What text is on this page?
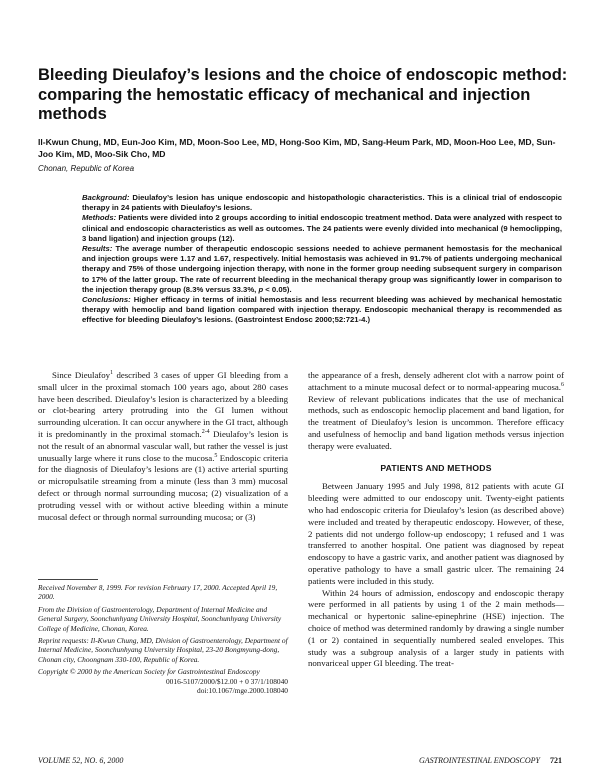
Bleeding Dieulafoy’s lesions and the choice of endoscopic method: comparing the hemostatic efficacy of mechanical and injection methods
Il-Kwun Chung, MD, Eun-Joo Kim, MD, Moon-Soo Lee, MD, Hong-Soo Kim, MD, Sang-Heum Park, MD, Moon-Hoo Lee, MD, Sun-Joo Kim, MD, Moo-Sik Cho, MD
Chonan, Republic of Korea

Background: Dieulafoy’s lesion has unique endoscopic and histopathologic characteristics. This is a clinical trial of endoscopic therapy in 24 patients with Dieulafoy’s lesions.

Methods: Patients were divided into 2 groups according to initial endoscopic treatment method. Data were analyzed with respect to clinical and endoscopic characteristics as well as outcomes. The 24 patients were evenly divided into mechanical (9 hemoclipping, 3 band ligation) and injection groups (12).

Results: The average number of therapeutic endoscopic sessions needed to achieve permanent hemostasis for the mechanical and injection groups were 1.17 and 1.67, respectively. Initial hemostasis was achieved in 91.7% of patients undergoing mechanical therapy and 75% of those undergoing injection therapy, with none in the former group needing subsequent surgery in comparison to 17% of the latter group. The rate of recurrent bleeding in the mechanical therapy group was significantly lower in comparison to the injection therapy group (8.3% versus 33.3%, p < 0.05).

Conclusions: Higher efficacy in terms of initial hemostasis and less recurrent bleeding was achieved by mechanical hemostatic therapy with hemoclip and band ligation compared with injection therapy. Endoscopic mechanical therapy is recommended as effective for bleeding Dieulafoy’s lesions. (Gastrointest Endosc 2000;52:721-4.)

Since Dieulafoy$^1$ described 3 cases of upper GI bleeding from a small ulcer in the proximal stomach 100 years ago, about 280 cases have been described. Dieulafoy’s lesion is characterized by a bleeding or clot-bearing artery protruding into the GI lumen without surrounding ulceration. It can occur anywhere in the GI tract, although it is predominantly in the proximal stomach.$^{2-4}$ Dieulafoy’s lesion is not the result of an abnormal vascular wall, but rather the vessel is just unusually large where it runs close to the mucosa.$^5$ Endoscopic criteria for the diagnosis of Dieulafoy’s lesions are (1) active arterial spurting or micropulsatile streaming from a minute (less than 3 mm) mucosal defect or through normal surrounding mucosa; (2) visualization of a protruding vessel with or without active bleeding within a minute mucosal defect or through normal surrounding mucosa; or (3)

Received November 8, 1999. For revision February 17, 2000. Accepted April 19, 2000.

From the Division of Gastroenterology, Department of Internal Medicine and General Surgery, Soonchunhyang University Hospital, Soonchunhyang University College of Medicine, Chonan, Korea.

Reprint requests: Il-Kwun Chung, MD, Division of Gastroenterology, Department of Internal Medicine, Soonchunhyang University Hospital, 23-20 Bongmyung-dong, Chonan city, Choongnam 330-100, Republic of Korea.

Copyright © 2000 by the American Society for Gastrointestinal Endoscopy
0016-5107/2000/$12.00 + 0 37/1/108040
doi:10.1067/mge.2000.108040

the appearance of a fresh, densely adherent clot with a narrow point of attachment to a minute mucosal defect or to normal-appearing mucosa.$^6$ Review of relevant publications indicates that the use of mechanical methods, such as endoscopic hemoclip placement and band ligation, for the treatment of Dieulafoy’s lesion is uncommon. Therefore efficacy and usefulness of hemoclip and band ligation methods versus injection therapy were evaluated.

PATIENTS AND METHODS

Between January 1995 and July 1998, 812 patients with acute GI bleeding were admitted to our endoscopy unit. Twenty-eight patients who had endoscopic criteria for Dieulafoy’s lesion (as described above) were included and treated by therapeutic endoscopy. However, of these, 2 patients did not undergo follow-up endoscopy; 1 refused and 1 was transferred to another hospital. One patient was diagnosed by repeat endoscopy to have a gastric varix, and another patient was diagnosed by operative pathology to have a small gastric ulcer. The remaining 24 patients were included in this study.

Within 24 hours of admission, endoscopy and endoscopic therapy were performed in all patients by using 1 of the 2 main methods—mechanical or hypertonic saline-epinephrine (HSE) injection. The choice of method was determined randomly by drawing a single number (1 or 2) contained in sequentially numbered sealed envelopes. This study was a subgroup analysis of a larger study in patients with nonvariceal upper GI bleeding. The treat-

VOLUME 52, NO. 6, 2000	GASTROINTESTINAL ENDOSCOPY 721
